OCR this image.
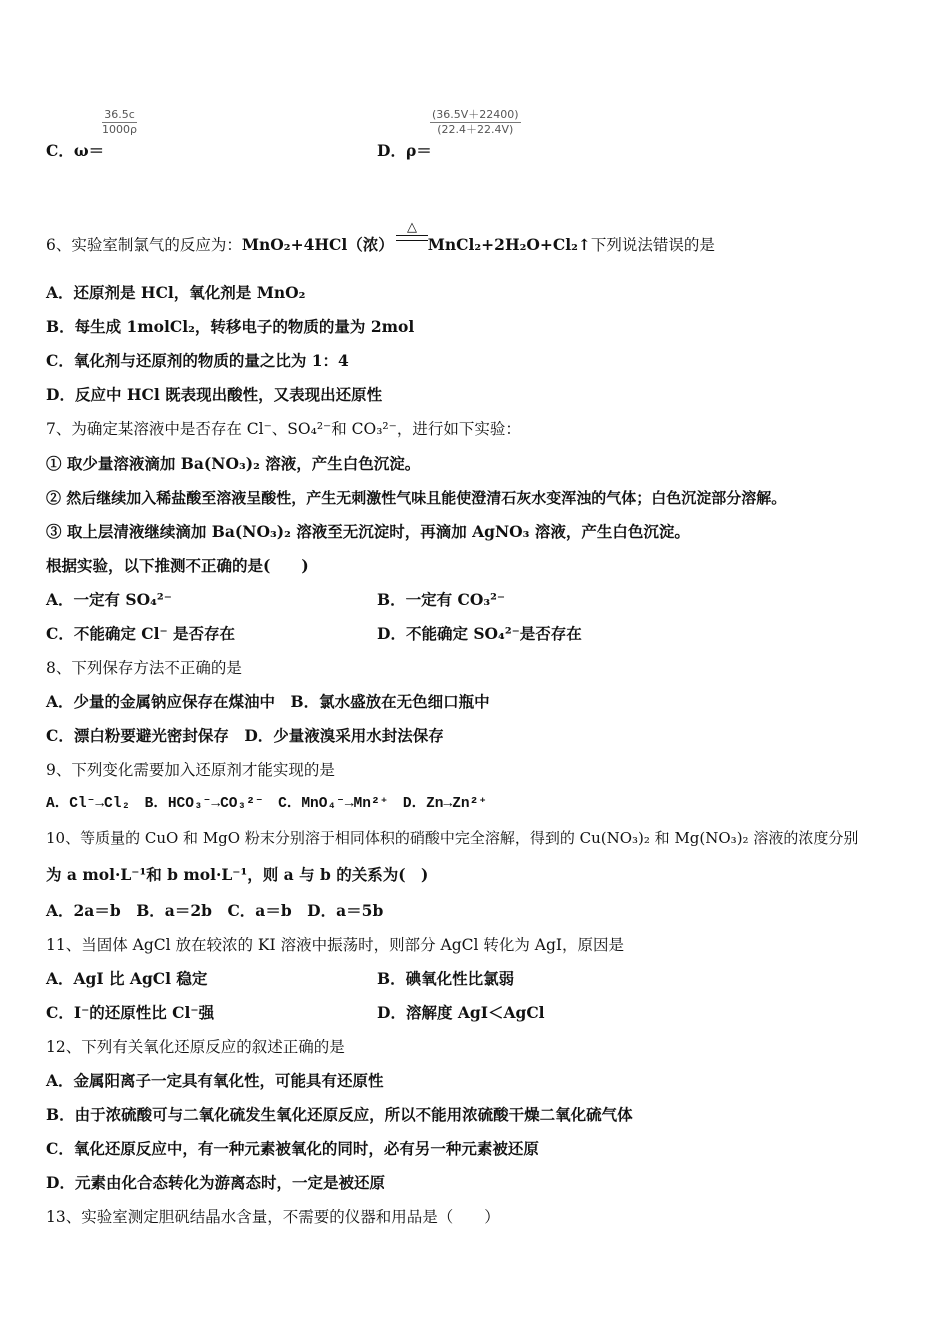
$\frac{36.5c}{1000\rho}$
C．ω＝
$\frac{(36.5V+22400)}{(22.4+22.4V)}$
D．ρ＝
6、实验室制氯气的反应为：MnO₂+4HCl（浓） MnCl₂+2H₂O+Cl₂↑下列说法错误的是
△
A．还原剂是 HCl，氧化剂是 MnO₂
B．每生成 1molCl₂，转移电子的物质的量为 2mol
C．氧化剂与还原剂的物质的量之比为 1：4
D．反应中 HCl 既表现出酸性，又表现出还原性
7、为确定某溶液中是否存在 Cl⁻、SO₄²⁻和 CO₃²⁻，进行如下实验：
① 取少量溶液滴加 Ba(NO₃)₂ 溶液，产生白色沉淀。
② 然后继续加入稀盐酸至溶液呈酸性，产生无刺激性气味且能使澄清石灰水变浑浊的气体；白色沉淀部分溶解。
③ 取上层清液继续滴加 Ba(NO₃)₂ 溶液至无沉淀时，再滴加 AgNO₃ 溶液，产生白色沉淀。
根据实验，以下推测不正确的是(　　)
A．一定有 SO₄²⁻	B．一定有 CO₃²⁻
C．不能确定 Cl⁻ 是否存在	D．不能确定 SO₄²⁻是否存在
8、下列保存方法不正确的是
A．少量的金属钠应保存在煤油中　B．氯水盛放在无色细口瓶中
C．漂白粉要避光密封保存　D．少量液溴采用水封法保存
9、下列变化需要加入还原剂才能实现的是
A．Cl⁻→Cl₂　B．HCO₃⁻→CO₃²⁻　C．MnO₄⁻→Mn²⁺　D．Zn→Zn²⁺
10、等质量的 CuO 和 MgO 粉末分别溶于相同体积的硝酸中完全溶解，得到的 Cu(NO₃)₂ 和 Mg(NO₃)₂ 溶液的浓度分别
为 a mol·L⁻¹和 b mol·L⁻¹，则 a 与 b 的关系为(　)
A．2a＝b　B．a＝2b　C．a＝b　D．a＝5b
11、当固体 AgCl 放在较浓的 KI 溶液中振荡时，则部分 AgCl 转化为 AgI，原因是
A．AgI 比 AgCl 稳定	B．碘氧化性比氯弱
C．I⁻的还原性比 Cl⁻强	D．溶解度 AgI＜AgCl
12、下列有关氧化还原反应的叙述正确的是
A．金属阳离子一定具有氧化性，可能具有还原性
B．由于浓硫酸可与二氧化硫发生氧化还原反应，所以不能用浓硫酸干燥二氧化硫气体
C．氧化还原反应中，有一种元素被氧化的同时，必有另一种元素被还原
D．元素由化合态转化为游离态时，一定是被还原
13、实验室测定胆矾结晶水含量，不需要的仪器和用品是（　　）
